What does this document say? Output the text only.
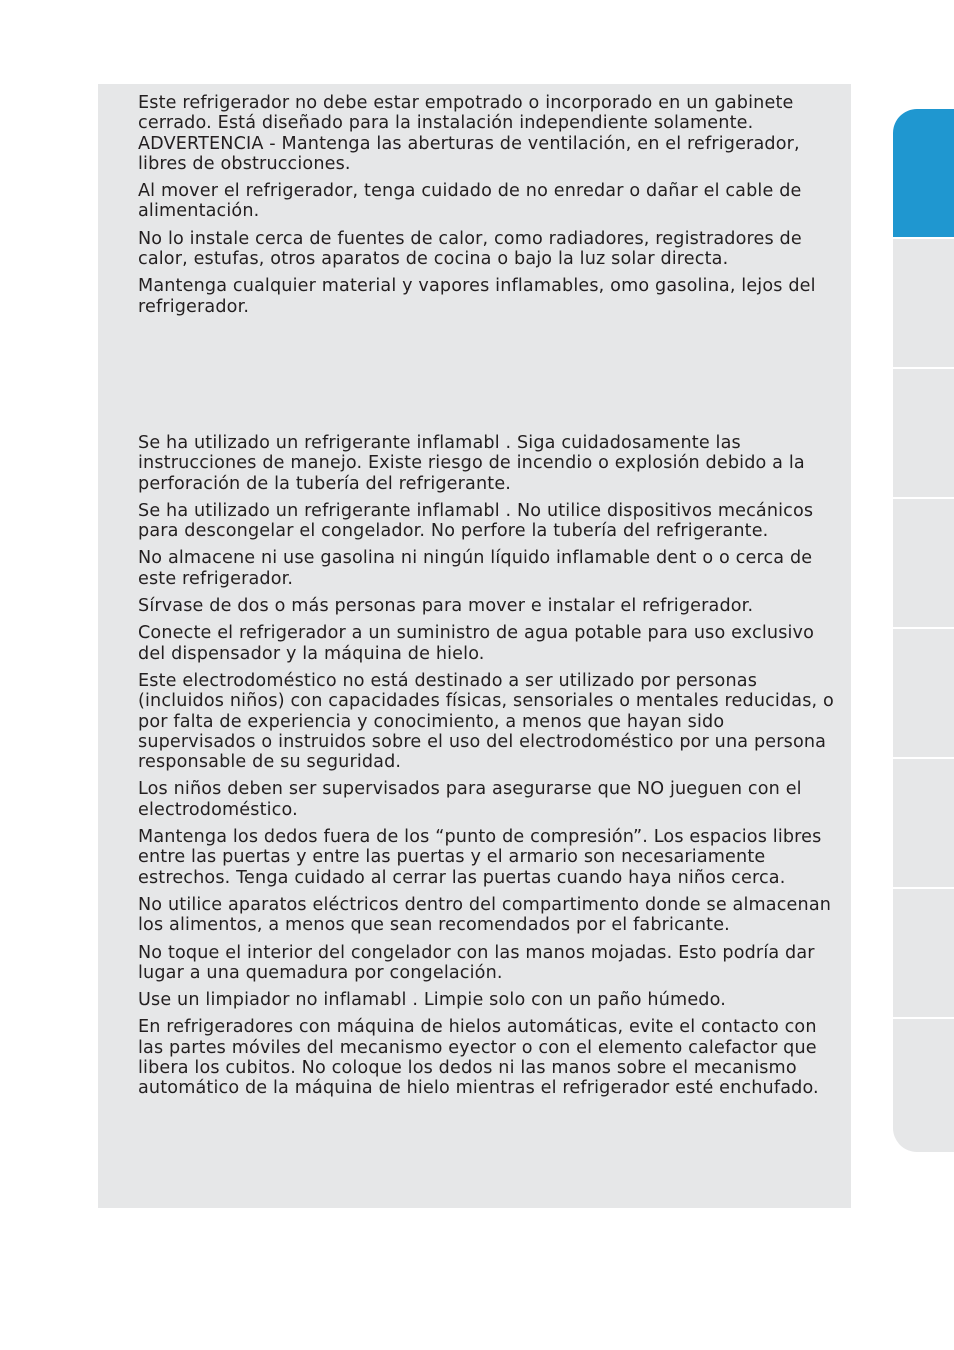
Este refrigerador no debe estar empotrado o incorporado en un gabinete cerrado. Está diseñado para la instalación independiente solamente.

ADVERTENCIA - Mantenga las aberturas de ventilación, en el refrigerador, libres de obstrucciones.

Al mover el refrigerador, tenga cuidado de no enredar o dañar el cable de alimentación.

No lo instale cerca de fuentes de calor, como radiadores, registradores de calor, estufas, otros aparatos de cocina o bajo la luz solar directa.

Mantenga cualquier material y vapores inflamables, omo gasolina, lejos del refrigerador.

Se ha utilizado un refrigerante inflamabl . Siga cuidadosamente las instrucciones de manejo. Existe riesgo de incendio o explosión debido a la perforación de la tubería del refrigerante.

Se ha utilizado un refrigerante inflamabl . No utilice dispositivos mecánicos para descongelar el congelador. No perfore la tubería del refrigerante.

No almacene ni use gasolina ni ningún líquido inflamable dent o o cerca de este refrigerador.

Sírvase de dos o más personas para mover e instalar el refrigerador.

Conecte el refrigerador a un suministro de agua potable para uso exclusivo del dispensador y la máquina de hielo.

Este electrodoméstico no está destinado a ser utilizado por personas (incluidos niños) con capacidades físicas, sensoriales o mentales reducidas, o por falta de experiencia y conocimiento, a menos que hayan sido supervisados o instruidos sobre el uso del electrodoméstico por una persona responsable de su seguridad.

Los niños deben ser supervisados para asegurarse que NO jueguen con el electrodoméstico.

Mantenga los dedos fuera de los “punto de compresión”. Los espacios libres entre las puertas y entre las puertas y el armario son necesariamente estrechos. Tenga cuidado al cerrar las puertas cuando haya niños cerca.

No utilice aparatos eléctricos dentro del compartimento donde se almacenan los alimentos, a menos que sean recomendados por el fabricante.

No toque el interior del congelador con las manos mojadas. Esto podría dar lugar a una quemadura por congelación.

Use un limpiador no inflamabl . Limpie solo con un paño húmedo.

En refrigeradores con máquina de hielos automáticas, evite el contacto con las partes móviles del mecanismo eyector o con el elemento calefactor que libera los cubitos. No coloque los dedos ni las manos sobre el mecanismo automático de la máquina de hielo mientras el refrigerador esté enchufado.
